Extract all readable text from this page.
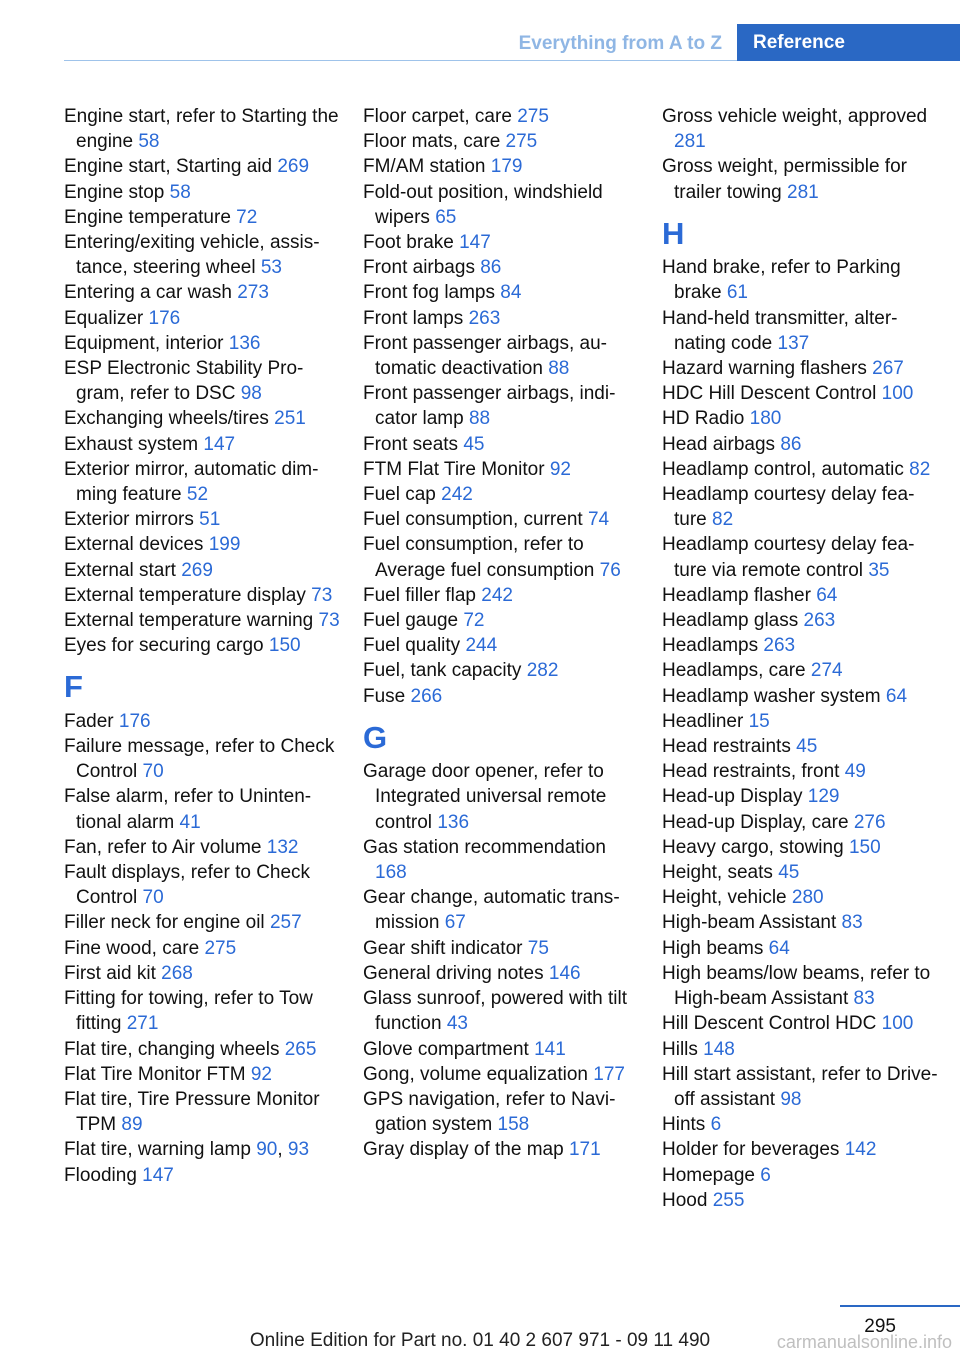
Everything from A to Z	Reference

Engine start, refer to Starting the engine 58

Engine start, Starting aid 269

Engine stop 58

Engine temperature 72

Entering/exiting vehicle, assistance, steering wheel 53

Entering a car wash 273

Equalizer 176

Equipment, interior 136

ESP Electronic Stability Program, refer to DSC 98

Exchanging wheels/tires 251

Exhaust system 147

Exterior mirror, automatic dimming feature 52

Exterior mirrors 51

External devices 199

External start 269

External temperature display 73

External temperature warning 73

Eyes for securing cargo 150

F

Fader 176

Failure message, refer to Check Control 70

False alarm, refer to Unintentional alarm 41

Fan, refer to Air volume 132

Fault displays, refer to Check Control 70

Filler neck for engine oil 257

Fine wood, care 275

First aid kit 268

Fitting for towing, refer to Tow fitting 271

Flat tire, changing wheels 265

Flat Tire Monitor FTM 92

Flat tire, Tire Pressure Monitor TPM 89

Flat tire, warning lamp 90, 93

Flooding 147

Floor carpet, care 275

Floor mats, care 275

FM/AM station 179

Fold-out position, windshield wipers 65

Foot brake 147

Front airbags 86

Front fog lamps 84

Front lamps 263

Front passenger airbags, automatic deactivation 88

Front passenger airbags, indicator lamp 88

Front seats 45

FTM Flat Tire Monitor 92

Fuel cap 242

Fuel consumption, current 74

Fuel consumption, refer to Average fuel consumption 76

Fuel filler flap 242

Fuel gauge 72

Fuel quality 244

Fuel, tank capacity 282

Fuse 266

G

Garage door opener, refer to Integrated universal remote control 136

Gas station recommendation 168

Gear change, automatic transmission 67

Gear shift indicator 75

General driving notes 146

Glass sunroof, powered with tilt function 43

Glove compartment 141

Gong, volume equalization 177

GPS navigation, refer to Navigation system 158

Gray display of the map 171

Gross vehicle weight, approved 281

Gross weight, permissible for trailer towing 281

H

Hand brake, refer to Parking brake 61

Hand-held transmitter, alternating code 137

Hazard warning flashers 267

HDC Hill Descent Control 100

HD Radio 180

Head airbags 86

Headlamp control, automatic 82

Headlamp courtesy delay feature 82

Headlamp courtesy delay feature via remote control 35

Headlamp flasher 64

Headlamp glass 263

Headlamps 263

Headlamps, care 274

Headlamp washer system 64

Headliner 15

Head restraints 45

Head restraints, front 49

Head-up Display 129

Head-up Display, care 276

Heavy cargo, stowing 150

Height, seats 45

Height, vehicle 280

High-beam Assistant 83

High beams 64

High beams/low beams, refer to High-beam Assistant 83

Hill Descent Control HDC 100

Hills 148

Hill start assistant, refer to Drive-off assistant 98

Hints 6

Holder for beverages 142

Homepage 6

Hood 255

295
Online Edition for Part no. 01 40 2 607 971 - 09 11 490	carmanualsonline.info
